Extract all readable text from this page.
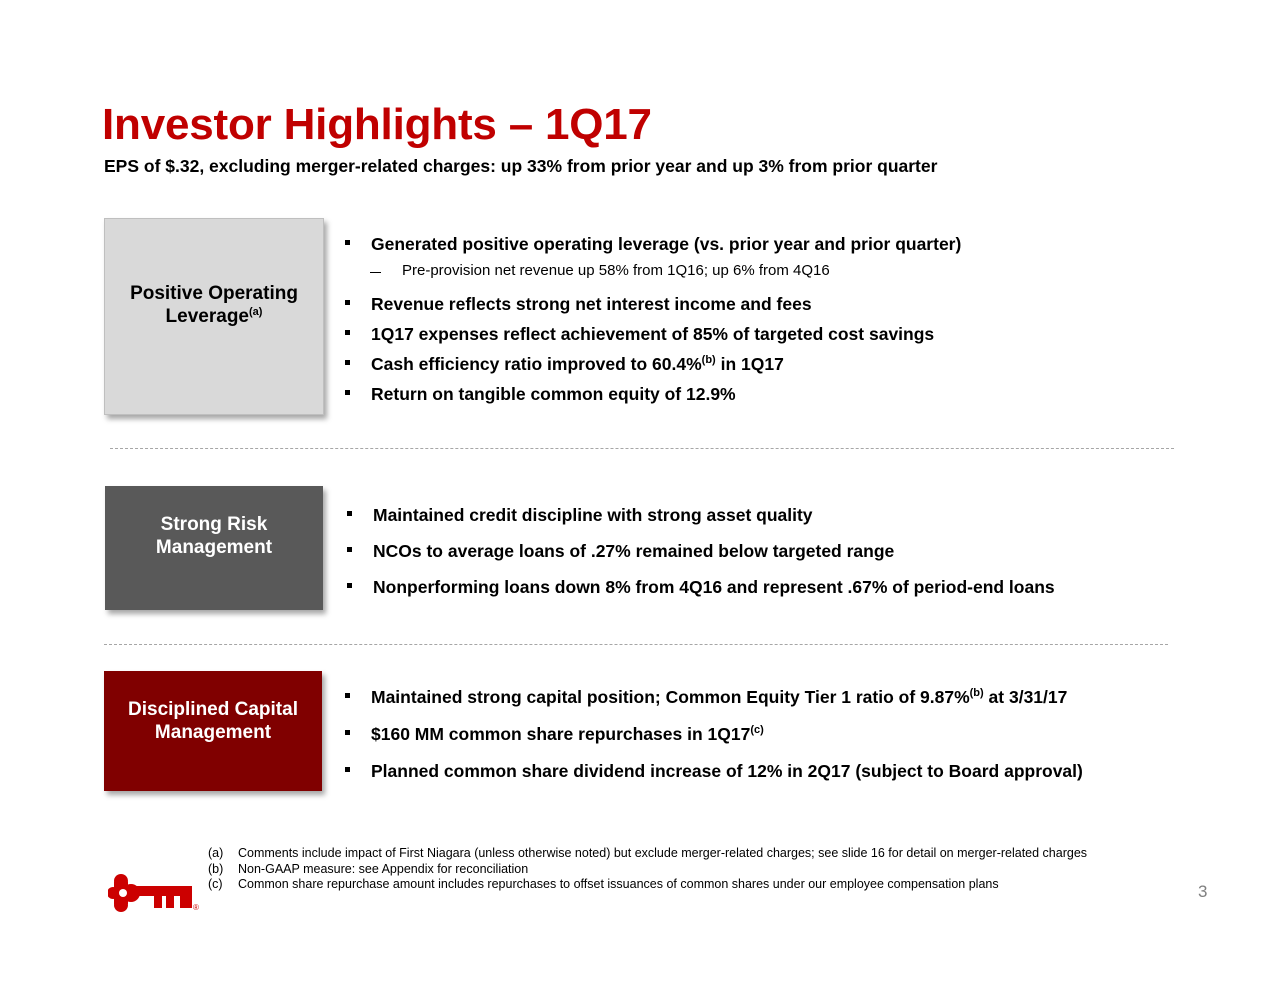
Investor Highlights – 1Q17
EPS of $.32, excluding merger-related charges: up 33% from prior year and up 3% from prior quarter
Positive Operating
Leverage$^{(a)}$
Generated positive operating leverage (vs. prior year and prior quarter)
Pre-provision net revenue up 58% from 1Q16; up 6% from 4Q16
Revenue reflects strong net interest income and fees
1Q17 expenses reflect achievement of 85% of targeted cost savings
Cash efficiency ratio improved to 60.4%$^{(b)}$ in 1Q17
Return on tangible common equity of 12.9%
Strong Risk
Management
Maintained credit discipline with strong asset quality
NCOs to average loans of .27% remained below targeted range
Nonperforming loans down 8% from 4Q16 and represent .67% of period-end loans
Disciplined Capital
Management
Maintained strong capital position; Common Equity Tier 1 ratio of 9.87%$^{(b)}$ at 3/31/17
$160 MM common share repurchases in 1Q17$^{(c)}$
Planned common share dividend increase of 12% in 2Q17 (subject to Board approval)
(a)	Comments include impact of First Niagara (unless otherwise noted) but exclude merger-related charges; see slide 16 for detail on merger-related charges
(b)	Non-GAAP measure: see Appendix for reconciliation
(c)	Common share repurchase amount includes repurchases to offset issuances of common shares under our employee compensation plans
®
3
